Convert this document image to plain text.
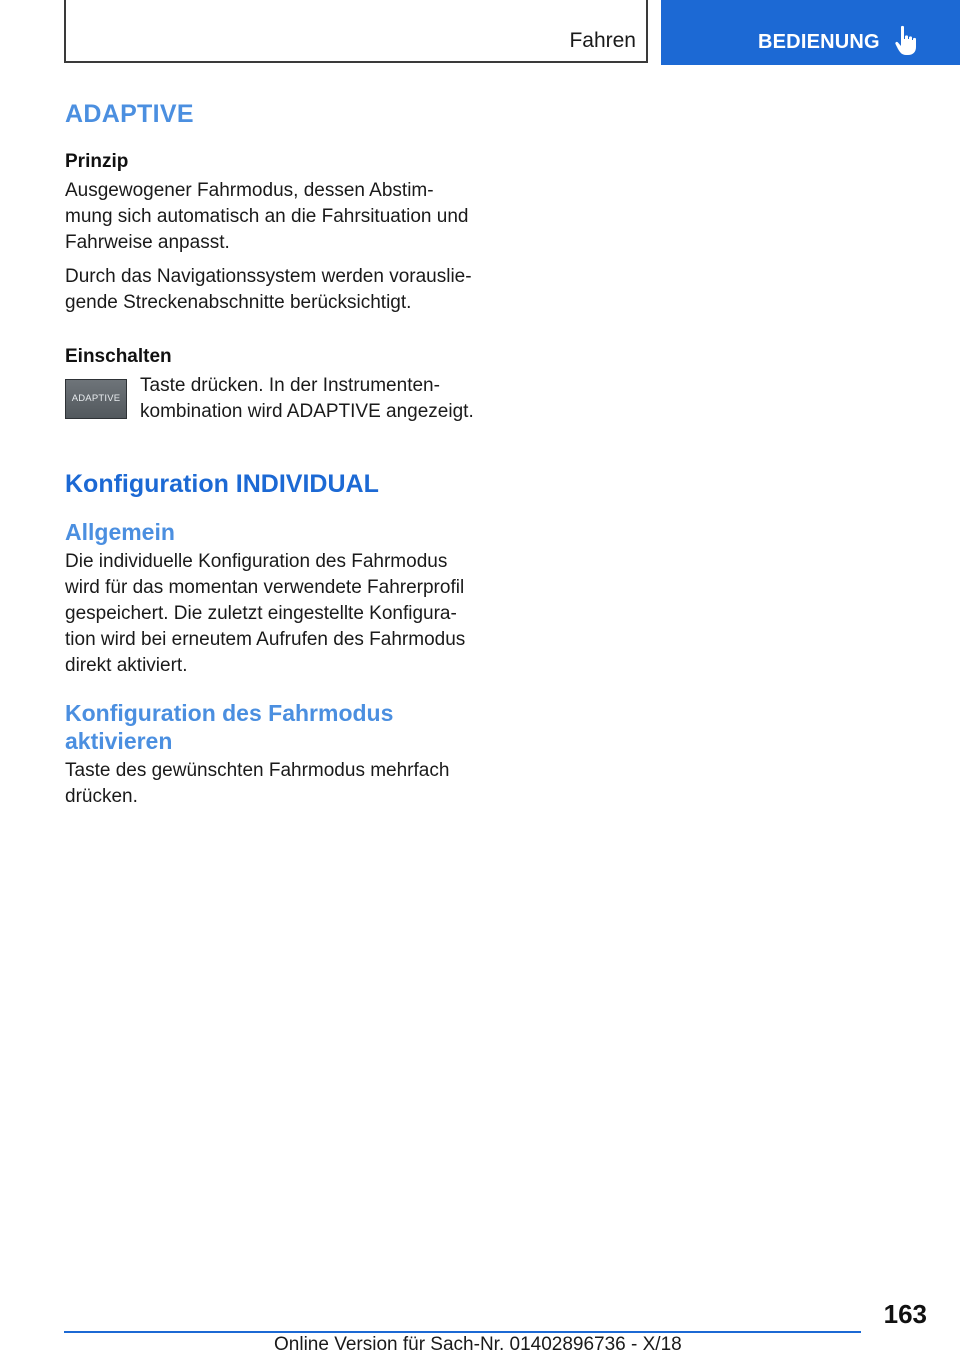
Fahren	BEDIENUNG
ADAPTIVE
Prinzip
Ausgewogener Fahrmodus, dessen Abstim-
mung sich automatisch an die Fahrsituation und
Fahrweise anpasst.
Durch das Navigationssystem werden vorauslie-
gende Streckenabschnitte berücksichtigt.
Einschalten
ADAPTIVE
Taste drücken. In der Instrumenten-
kombination wird ADAPTIVE angezeigt.
Konfiguration INDIVIDUAL
Allgemein
Die individuelle Konfiguration des Fahrmodus
wird für das momentan verwendete Fahrerprofil
gespeichert. Die zuletzt eingestellte Konfigura-
tion wird bei erneutem Aufrufen des Fahrmodus
direkt aktiviert.
Konfiguration des Fahrmodus
aktivieren
Taste des gewünschten Fahrmodus mehrfach
drücken.
163
Online Version für Sach-Nr. 01402896736 - X/18
